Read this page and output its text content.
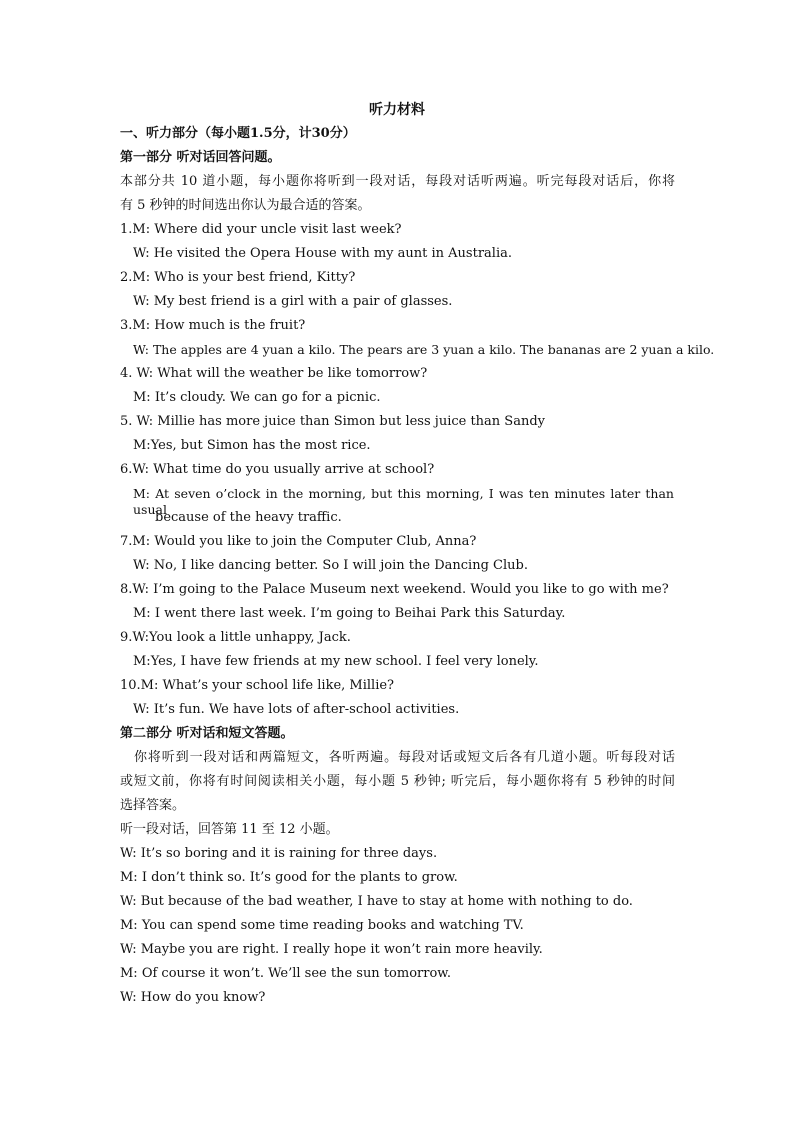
听力材料
一、听力部分（每小题1.5分，计30分）
第一部分 听对话回答问题。
本部分共 10 道小题，每小题你将听到一段对话，每段对话听两遍。听完每段对话后，你将
有 5 秒钟的时间选出你认为最合适的答案。
1.M: Where did your uncle visit last week?
W: He visited the Opera House with my aunt in Australia.
2.M: Who is your best friend, Kitty?
W: My best friend is a girl with a pair of glasses.
3.M: How much is the fruit?
W: The apples are 4 yuan a kilo. The pears are 3 yuan a kilo. The bananas are 2 yuan a kilo.
4. W: What will the weather be like tomorrow?
M: It’s cloudy. We can go for a picnic.
5. W: Millie has more juice than Simon but less juice than Sandy
M:Yes, but Simon has the most rice.
6.W: What time do you usually arrive at school?
M: At seven o’clock in the morning, but this morning, I was ten minutes later than usual
because of the heavy traffic.
7.M: Would you like to join the Computer Club, Anna?
W: No, I like dancing better. So I will join the Dancing Club.
8.W: I’m going to the Palace Museum next weekend. Would you like to go with me?
M: I went there last week. I’m going to Beihai Park this Saturday.
9.W:You look a little unhappy, Jack.
M:Yes, I have few friends at my new school. I feel very lonely.
10.M: What’s your school life like, Millie?
W: It’s fun. We have lots of after-school activities.
第二部分 听对话和短文答题。
你将听到一段对话和两篇短文，各听两遍。每段对话或短文后各有几道小题。听每段对话
或短文前，你将有时间阅读相关小题，每小题 5 秒钟; 听完后，每小题你将有 5 秒钟的时间
选择答案。
听一段对话，回答第 11 至 12 小题。
W: It’s so boring and it is raining for three days.
M: I don’t think so. It’s good for the plants to grow.
W: But because of the bad weather, I have to stay at home with nothing to do.
M: You can spend some time reading books and watching TV.
W: Maybe you are right. I really hope it won’t rain more heavily.
M: Of course it won’t. We’ll see the sun tomorrow.
W: How do you know?
